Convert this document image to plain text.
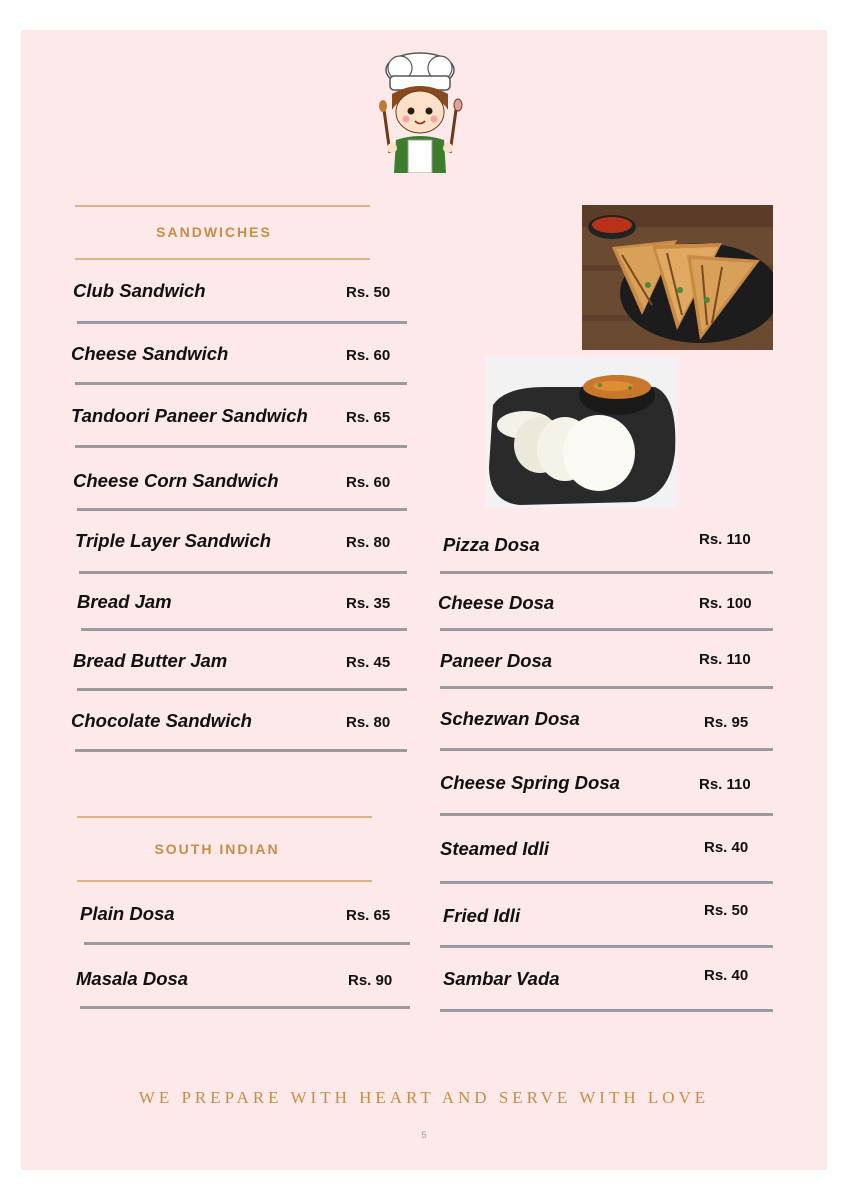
SANDWICHES
Club Sandwich	Rs. 50
Cheese Sandwich	Rs. 60
Tandoori Paneer Sandwich	Rs. 65
Cheese Corn Sandwich	Rs. 60
Triple Layer Sandwich	Rs. 80
Bread Jam	Rs. 35
Bread Butter Jam	Rs. 45
Chocolate Sandwich	Rs. 80
SOUTH INDIAN
Plain Dosa	Rs. 65
Masala Dosa	Rs. 90
Pizza Dosa	Rs. 110
Cheese Dosa	Rs. 100
Paneer Dosa	Rs. 110
Schezwan Dosa	Rs. 95
Cheese Spring Dosa	Rs. 110
Steamed Idli	Rs. 40
Fried Idli	Rs. 50
Sambar Vada	Rs. 40
WE PREPARE WITH HEART AND SERVE WITH LOVE
5
